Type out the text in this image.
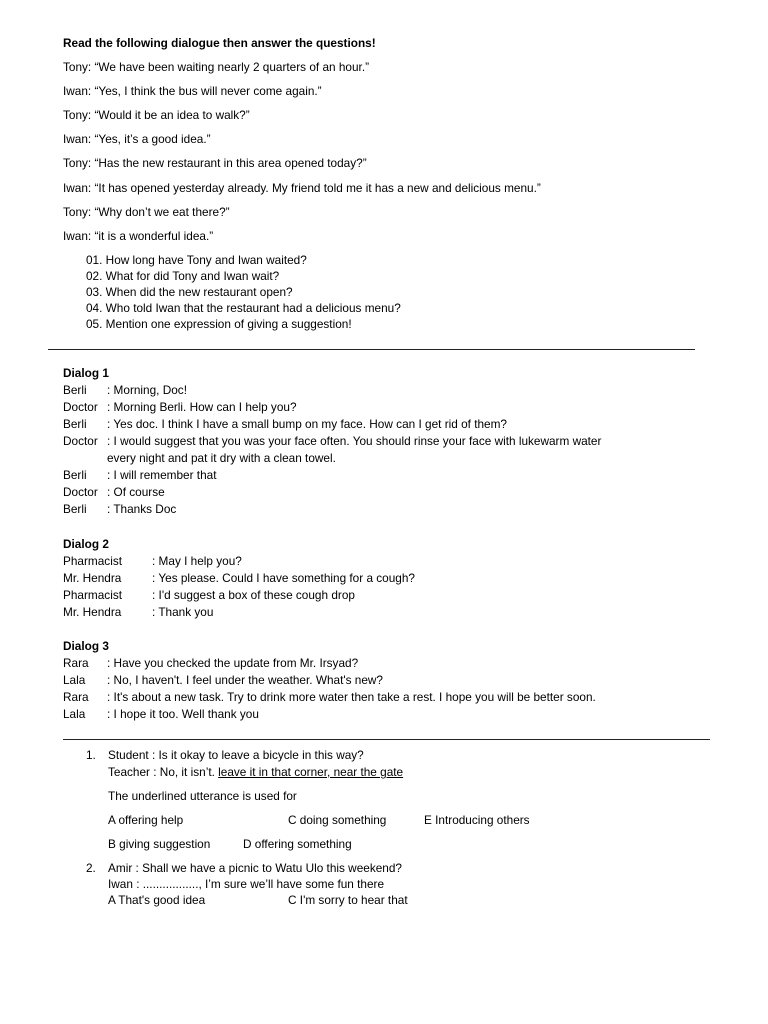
Read the following dialogue then answer the questions!
Tony: “We have been waiting nearly 2 quarters of an hour.”
Iwan: “Yes, I think the bus will never come again.”
Tony: “Would it be an idea to walk?”
Iwan: “Yes, it’s a good idea.”
Tony: “Has the new restaurant in this area opened today?”
Iwan: “It has opened yesterday already. My friend told me it has a new and delicious menu.”
Tony: “Why don’t we eat there?”
Iwan: “it is a wonderful idea.”
01. How long have Tony and Iwan waited?
02. What for did Tony and Iwan wait?
03. When did the new restaurant open?
04. Who told Iwan that the restaurant had a delicious menu?
05. Mention one expression of giving a suggestion!
Dialog 1
Berli : Morning, Doc!
Doctor : Morning Berli. How can I help you?
Berli : Yes doc. I think I have a small bump on my face. How can I get rid of them?
Doctor : I would suggest that you was your face often. You should rinse your face with lukewarm water
every night and pat it dry with a clean towel.
Berli : I will remember that
Doctor : Of course
Berli : Thanks Doc
Dialog 2
Pharmacist	: May I help you?
Mr. Hendra	: Yes please. Could I have something for a cough?
Pharmacist	: I'd suggest a box of these cough drop
Mr. Hendra	: Thank you
Dialog 3
Rara : Have you checked the update from Mr. Irsyad?
Lala : No, I haven't. I feel under the weather. What's new?
Rara : It's about a new task. Try to drink more water then take a rest. I hope you will be better soon.
Lala : I hope it too. Well thank you
1. Student : Is it okay to leave a bicycle in this way?
Teacher : No, it isn’t. leave it in that corner, near the gate
The underlined utterance is used for
A offering help	C doing something	E Introducing others
B giving suggestion	D offering something
2. Amir : Shall we have a picnic to Watu Ulo this weekend?
Iwan : ................., I’m sure we’ll have some fun there
A That's good idea	C I'm sorry to hear that
